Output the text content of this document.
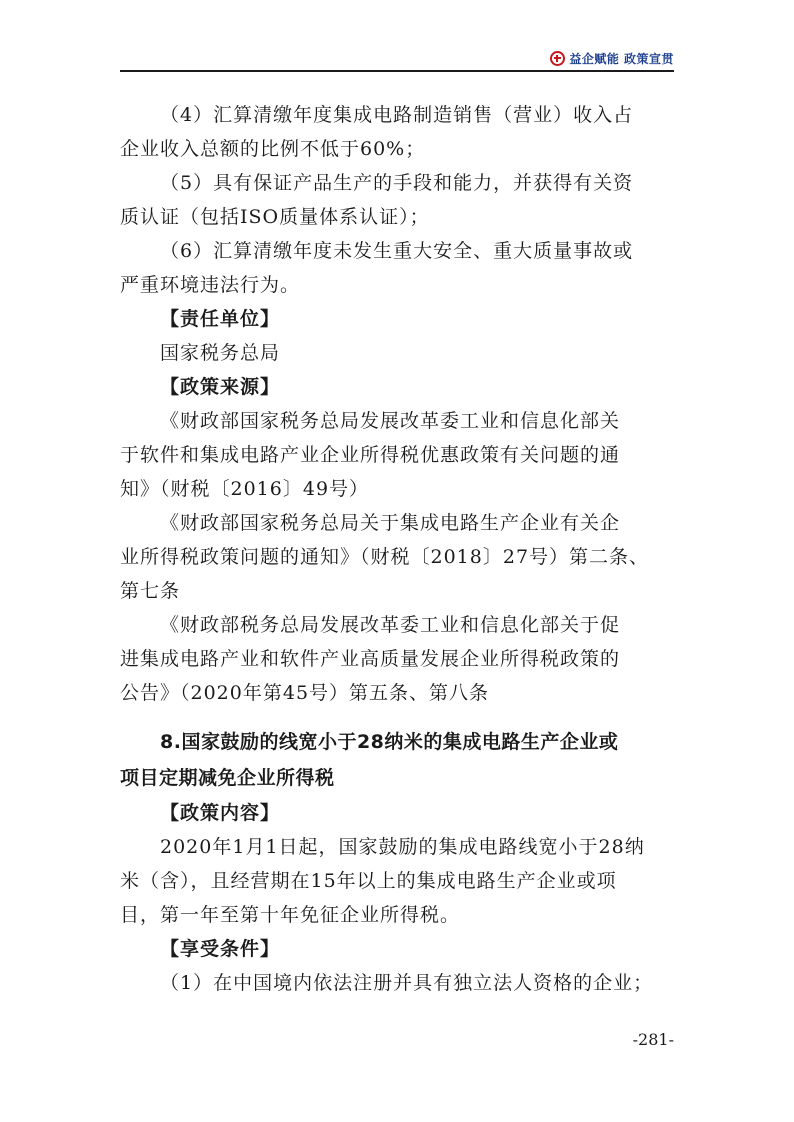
益企赋能 政策宣贯
（4）汇算清缴年度集成电路制造销售（营业）收入占
企业收入总额的比例不低于60%；
（5）具有保证产品生产的手段和能力，并获得有关资
质认证（包括ISO质量体系认证）；
（6）汇算清缴年度未发生重大安全、重大质量事故或
严重环境违法行为。
【责任单位】
国家税务总局
【政策来源】
《财政部国家税务总局发展改革委工业和信息化部关
于软件和集成电路产业企业所得税优惠政策有关问题的通
知》（财税〔2016〕49号）
《财政部国家税务总局关于集成电路生产企业有关企
业所得税政策问题的通知》（财税〔2018〕27号）第二条、
第七条
《财政部税务总局发展改革委工业和信息化部关于促
进集成电路产业和软件产业高质量发展企业所得税政策的
公告》（2020年第45号）第五条、第八条
8.国家鼓励的线宽小于28纳米的集成电路生产企业或
项目定期减免企业所得税
【政策内容】
2020年1月1日起，国家鼓励的集成电路线宽小于28纳
米（含），且经营期在15年以上的集成电路生产企业或项
目，第一年至第十年免征企业所得税。
【享受条件】
（1）在中国境内依法注册并具有独立法人资格的企业；
-281-
